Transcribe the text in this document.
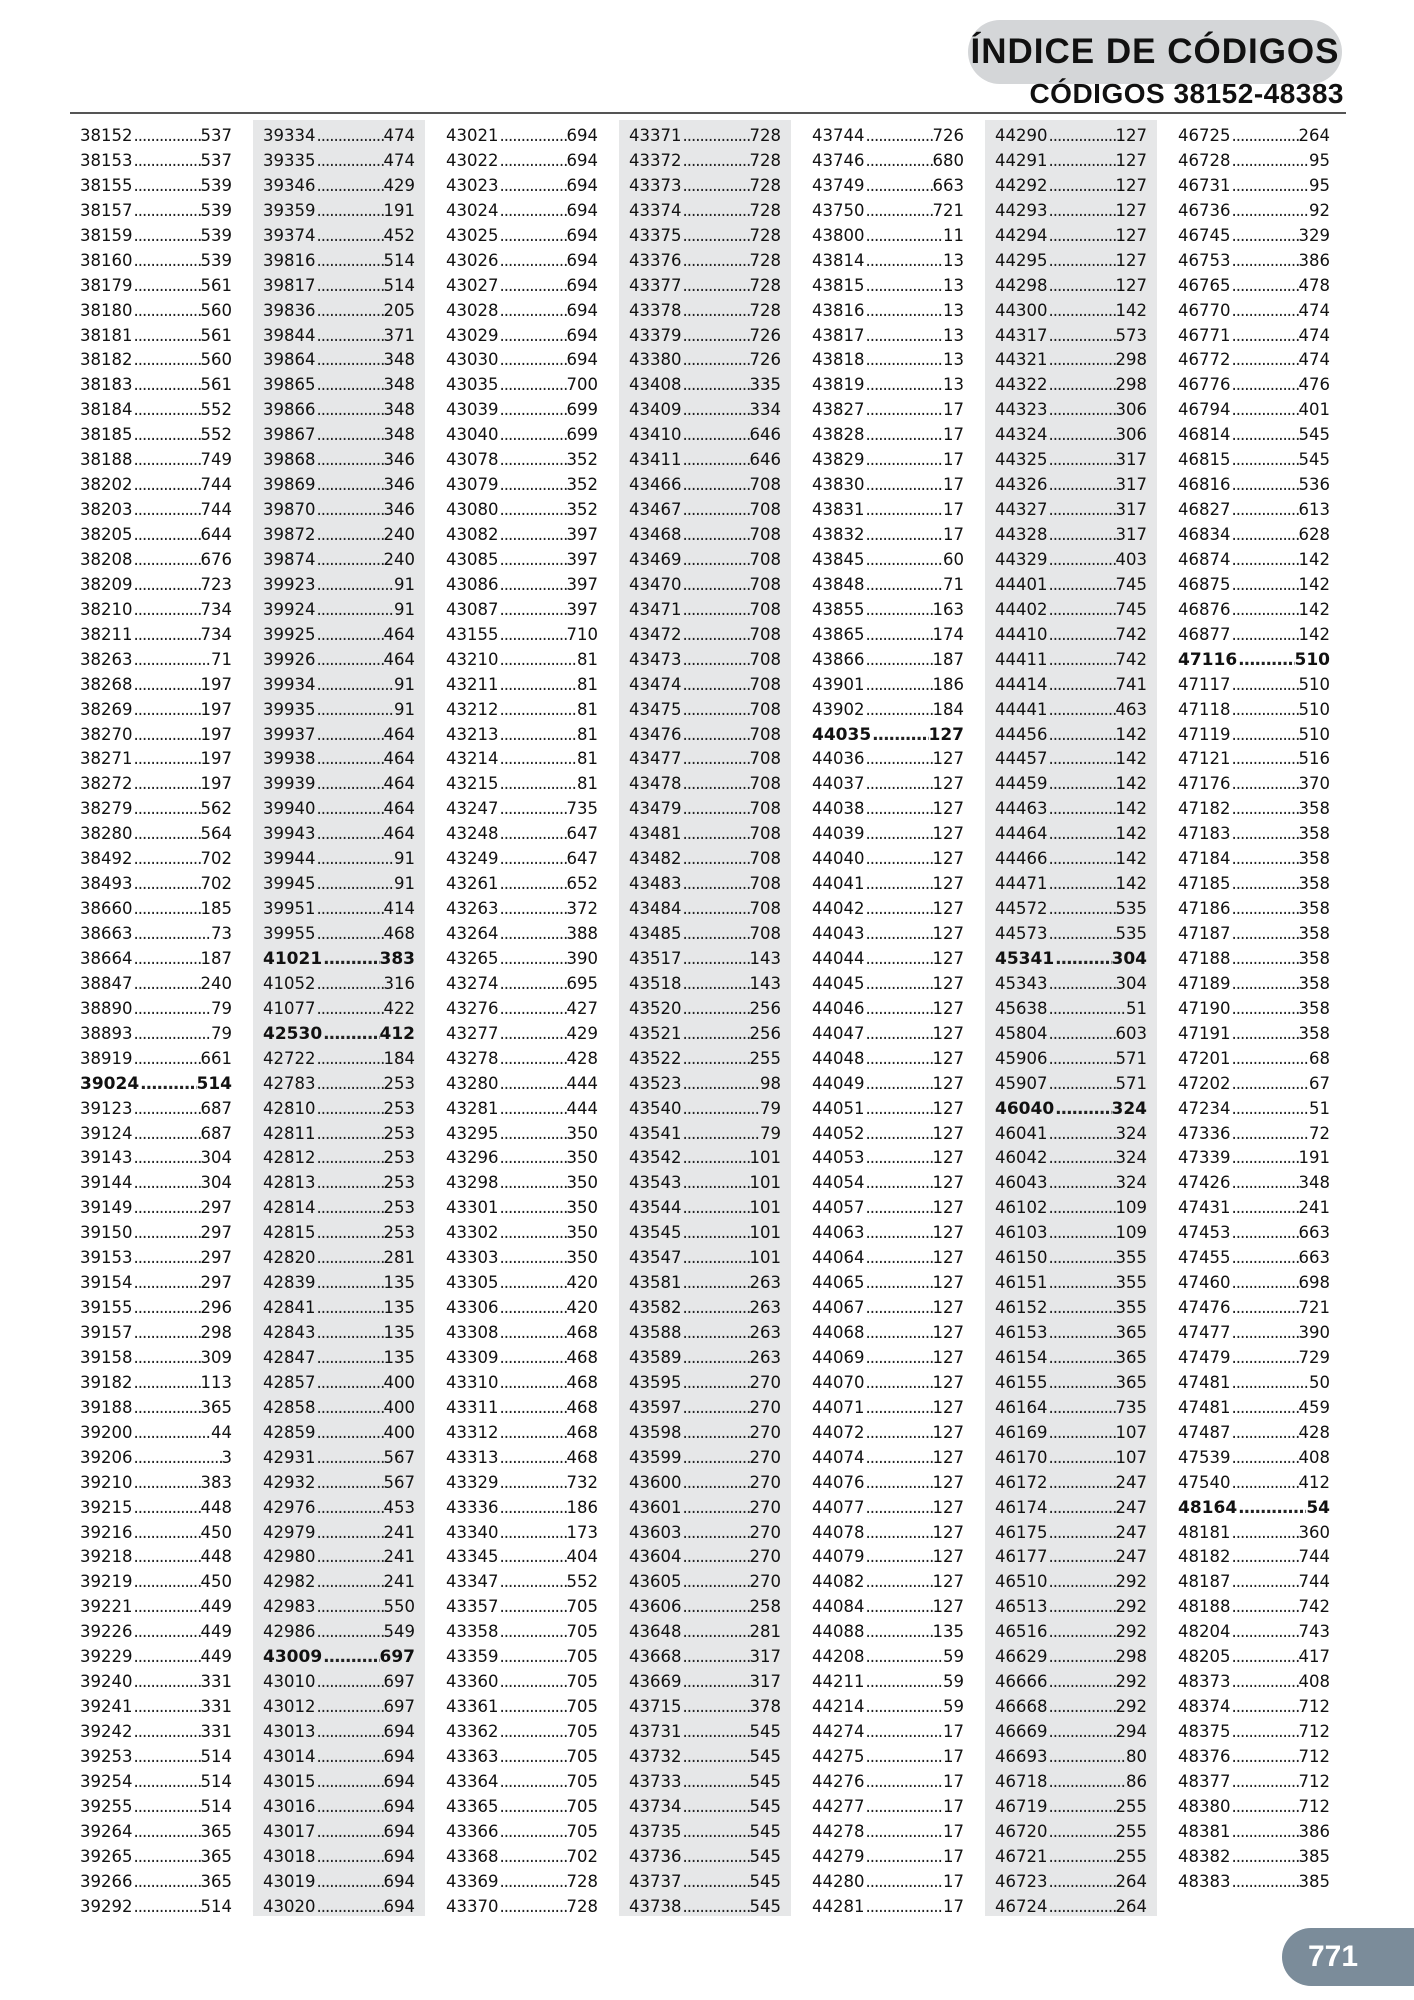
ÍNDICE DE CÓDIGOS
CÓDIGOS 38152-48383
38152 .....	537
38153 .....	537
38155 .....	539
38157 .....	539
38159 .....	539
38160 .....	539
38179 .....	561
38180 .....	560
38181 .....	561
38182 .....	560
38183 .....	561
38184 .....	552
38185 .....	552
38188 .....	749
38202 .....	744
38203 .....	744
38205 .....	644
38208 .....	676
38209 .....	723
38210 .....	734
38211 .....	734
38263 .....	71
38268 .....	197
38269 .....	197
38270 .....	197
38271 .....	197
38272 .....	197
38279 .....	562
38280 .....	564
38492 .....	702
38493 .....	702
38660 .....	185
38663 .....	73
38664 .....	187
38847 .....	240
38890 .....	79
38893 .....	79
38919 .....	661
39024 .....	514
39123 .....	687
39124 .....	687
39143 .....	304
39144 .....	304
39149 .....	297
39150 .....	297
39153 .....	297
39154 .....	297
39155 .....	296
39157 .....	298
39158 .....	309
39182 .....	113
39188 .....	365
39200 .....	44
39206 .....	3
39210 .....	383
39215 .....	448
39216 .....	450
39218 .....	448
39219 .....	450
39221 .....	449
39226 .....	449
39229 .....	449
39240 .....	331
39241 .....	331
39242 .....	331
39253 .....	514
39254 .....	514
39255 .....	514
39264 .....	365
39265 .....	365
39266 .....	365
39292 .....	514
39334 .....	474
39335 .....	474
39346 .....	429
39359 .....	191
39374 .....	452
39816 .....	514
39817 .....	514
39836 .....	205
39844 .....	371
39864 .....	348
39865 .....	348
39866 .....	348
39867 .....	348
39868 .....	346
39869 .....	346
39870 .....	346
39872 .....	240
39874 .....	240
39923 .....	91
39924 .....	91
39925 .....	464
39926 .....	464
39934 .....	91
39935 .....	91
39937 .....	464
39938 .....	464
39939 .....	464
39940 .....	464
39943 .....	464
39944 .....	91
39945 .....	91
39951 .....	414
39955 .....	468
41021 .....	383
41052 .....	316
41077 .....	422
42530 .....	412
42722 .....	184
42783 .....	253
42810 .....	253
42811 .....	253
42812 .....	253
42813 .....	253
42814 .....	253
42815 .....	253
42820 .....	281
42839 .....	135
42841 .....	135
42843 .....	135
42847 .....	135
42857 .....	400
42858 .....	400
42859 .....	400
42931 .....	567
42932 .....	567
42976 .....	453
42979 .....	241
42980 .....	241
42982 .....	241
42983 .....	550
42986 .....	549
43009 .....	697
43010 .....	697
43012 .....	697
43013 .....	694
43014 .....	694
43015 .....	694
43016 .....	694
43017 .....	694
43018 .....	694
43019 .....	694
43020 .....	694
43021 .....	694
43022 .....	694
43023 .....	694
43024 .....	694
43025 .....	694
43026 .....	694
43027 .....	694
43028 .....	694
43029 .....	694
43030 .....	694
43035 .....	700
43039 .....	699
43040 .....	699
43078 .....	352
43079 .....	352
43080 .....	352
43082 .....	397
43085 .....	397
43086 .....	397
43087 .....	397
43155 .....	710
43210 .....	81
43211 .....	81
43212 .....	81
43213 .....	81
43214 .....	81
43215 .....	81
43247 .....	735
43248 .....	647
43249 .....	647
43261 .....	652
43263 .....	372
43264 .....	388
43265 .....	390
43274 .....	695
43276 .....	427
43277 .....	429
43278 .....	428
43280 .....	444
43281 .....	444
43295 .....	350
43296 .....	350
43298 .....	350
43301 .....	350
43302 .....	350
43303 .....	350
43305 .....	420
43306 .....	420
43308 .....	468
43309 .....	468
43310 .....	468
43311 .....	468
43312 .....	468
43313 .....	468
43329 .....	732
43336 .....	186
43340 .....	173
43345 .....	404
43347 .....	552
43357 .....	705
43358 .....	705
43359 .....	705
43360 .....	705
43361 .....	705
43362 .....	705
43363 .....	705
43364 .....	705
43365 .....	705
43366 .....	705
43368 .....	702
43369 .....	728
43370 .....	728
43371 .....	728
43372 .....	728
43373 .....	728
43374 .....	728
43375 .....	728
43376 .....	728
43377 .....	728
43378 .....	728
43379 .....	726
43380 .....	726
43408 .....	335
43409 .....	334
43410 .....	646
43411 .....	646
43466 .....	708
43467 .....	708
43468 .....	708
43469 .....	708
43470 .....	708
43471 .....	708
43472 .....	708
43473 .....	708
43474 .....	708
43475 .....	708
43476 .....	708
43477 .....	708
43478 .....	708
43479 .....	708
43481 .....	708
43482 .....	708
43483 .....	708
43484 .....	708
43485 .....	708
43517 .....	143
43518 .....	143
43520 .....	256
43521 .....	256
43522 .....	255
43523 .....	98
43540 .....	79
43541 .....	79
43542 .....	101
43543 .....	101
43544 .....	101
43545 .....	101
43547 .....	101
43581 .....	263
43582 .....	263
43588 .....	263
43589 .....	263
43595 .....	270
43597 .....	270
43598 .....	270
43599 .....	270
43600 .....	270
43601 .....	270
43603 .....	270
43604 .....	270
43605 .....	270
43606 .....	258
43648 .....	281
43668 .....	317
43669 .....	317
43715 .....	378
43731 .....	545
43732 .....	545
43733 .....	545
43734 .....	545
43735 .....	545
43736 .....	545
43737 .....	545
43738 .....	545
43744 .....	726
43746 .....	680
43749 .....	663
43750 .....	721
43800 .....	11
43814 .....	13
43815 .....	13
43816 .....	13
43817 .....	13
43818 .....	13
43819 .....	13
43827 .....	17
43828 .....	17
43829 .....	17
43830 .....	17
43831 .....	17
43832 .....	17
43845 .....	60
43848 .....	71
43855 .....	163
43865 .....	174
43866 .....	187
43901 .....	186
43902 .....	184
44035 .....	127
44036 .....	127
44037 .....	127
44038 .....	127
44039 .....	127
44040 .....	127
44041 .....	127
44042 .....	127
44043 .....	127
44044 .....	127
44045 .....	127
44046 .....	127
44047 .....	127
44048 .....	127
44049 .....	127
44051 .....	127
44052 .....	127
44053 .....	127
44054 .....	127
44057 .....	127
44063 .....	127
44064 .....	127
44065 .....	127
44067 .....	127
44068 .....	127
44069 .....	127
44070 .....	127
44071 .....	127
44072 .....	127
44074 .....	127
44076 .....	127
44077 .....	127
44078 .....	127
44079 .....	127
44082 .....	127
44084 .....	127
44088 .....	135
44208 .....	59
44211 .....	59
44214 .....	59
44274 .....	17
44275 .....	17
44276 .....	17
44277 .....	17
44278 .....	17
44279 .....	17
44280 .....	17
44281 .....	17
44290 .....	127
44291 .....	127
44292 .....	127
44293 .....	127
44294 .....	127
44295 .....	127
44298 .....	127
44300 .....	142
44317 .....	573
44321 .....	298
44322 .....	298
44323 .....	306
44324 .....	306
44325 .....	317
44326 .....	317
44327 .....	317
44328 .....	317
44329 .....	403
44401 .....	745
44402 .....	745
44410 .....	742
44411 .....	742
44414 .....	741
44441 .....	463
44456 .....	142
44457 .....	142
44459 .....	142
44463 .....	142
44464 .....	142
44466 .....	142
44471 .....	142
44572 .....	535
44573 .....	535
45341 .....	304
45343 .....	304
45638 .....	51
45804 .....	603
45906 .....	571
45907 .....	571
46040 .....	324
46041 .....	324
46042 .....	324
46043 .....	324
46102 .....	109
46103 .....	109
46150 .....	355
46151 .....	355
46152 .....	355
46153 .....	365
46154 .....	365
46155 .....	365
46164 .....	735
46169 .....	107
46170 .....	107
46172 .....	247
46174 .....	247
46175 .....	247
46177 .....	247
46510 .....	292
46513 .....	292
46516 .....	292
46629 .....	298
46666 .....	292
46668 .....	292
46669 .....	294
46693 .....	80
46718 .....	86
46719 .....	255
46720 .....	255
46721 .....	255
46723 .....	264
46724 .....	264
46725 .....	264
46728 .....	95
46731 .....	95
46736 .....	92
46745 .....	329
46753 .....	386
46765 .....	478
46770 .....	474
46771 .....	474
46772 .....	474
46776 .....	476
46794 .....	401
46814 .....	545
46815 .....	545
46816 .....	536
46827 .....	613
46834 .....	628
46874 .....	142
46875 .....	142
46876 .....	142
46877 .....	142
47116 .....	510
47117 .....	510
47118 .....	510
47119 .....	510
47121 .....	516
47176 .....	370
47182 .....	358
47183 .....	358
47184 .....	358
47185 .....	358
47186 .....	358
47187 .....	358
47188 .....	358
47189 .....	358
47190 .....	358
47191 .....	358
47201 .....	68
47202 .....	67
47234 .....	51
47336 .....	72
47339 .....	191
47426 .....	348
47431 .....	241
47453 .....	663
47455 .....	663
47460 .....	698
47476 .....	721
47477 .....	390
47479 .....	729
47481 .....	50
47481 .....	459
47487 .....	428
47539 .....	408
47540 .....	412
48164 .....	54
48181 .....	360
48182 .....	744
48187 .....	744
48188 .....	742
48204 .....	743
48205 .....	417
48373 .....	408
48374 .....	712
48375 .....	712
48376 .....	712
48377 .....	712
48380 .....	712
48381 .....	386
48382 .....	385
48383 .....	385
771
